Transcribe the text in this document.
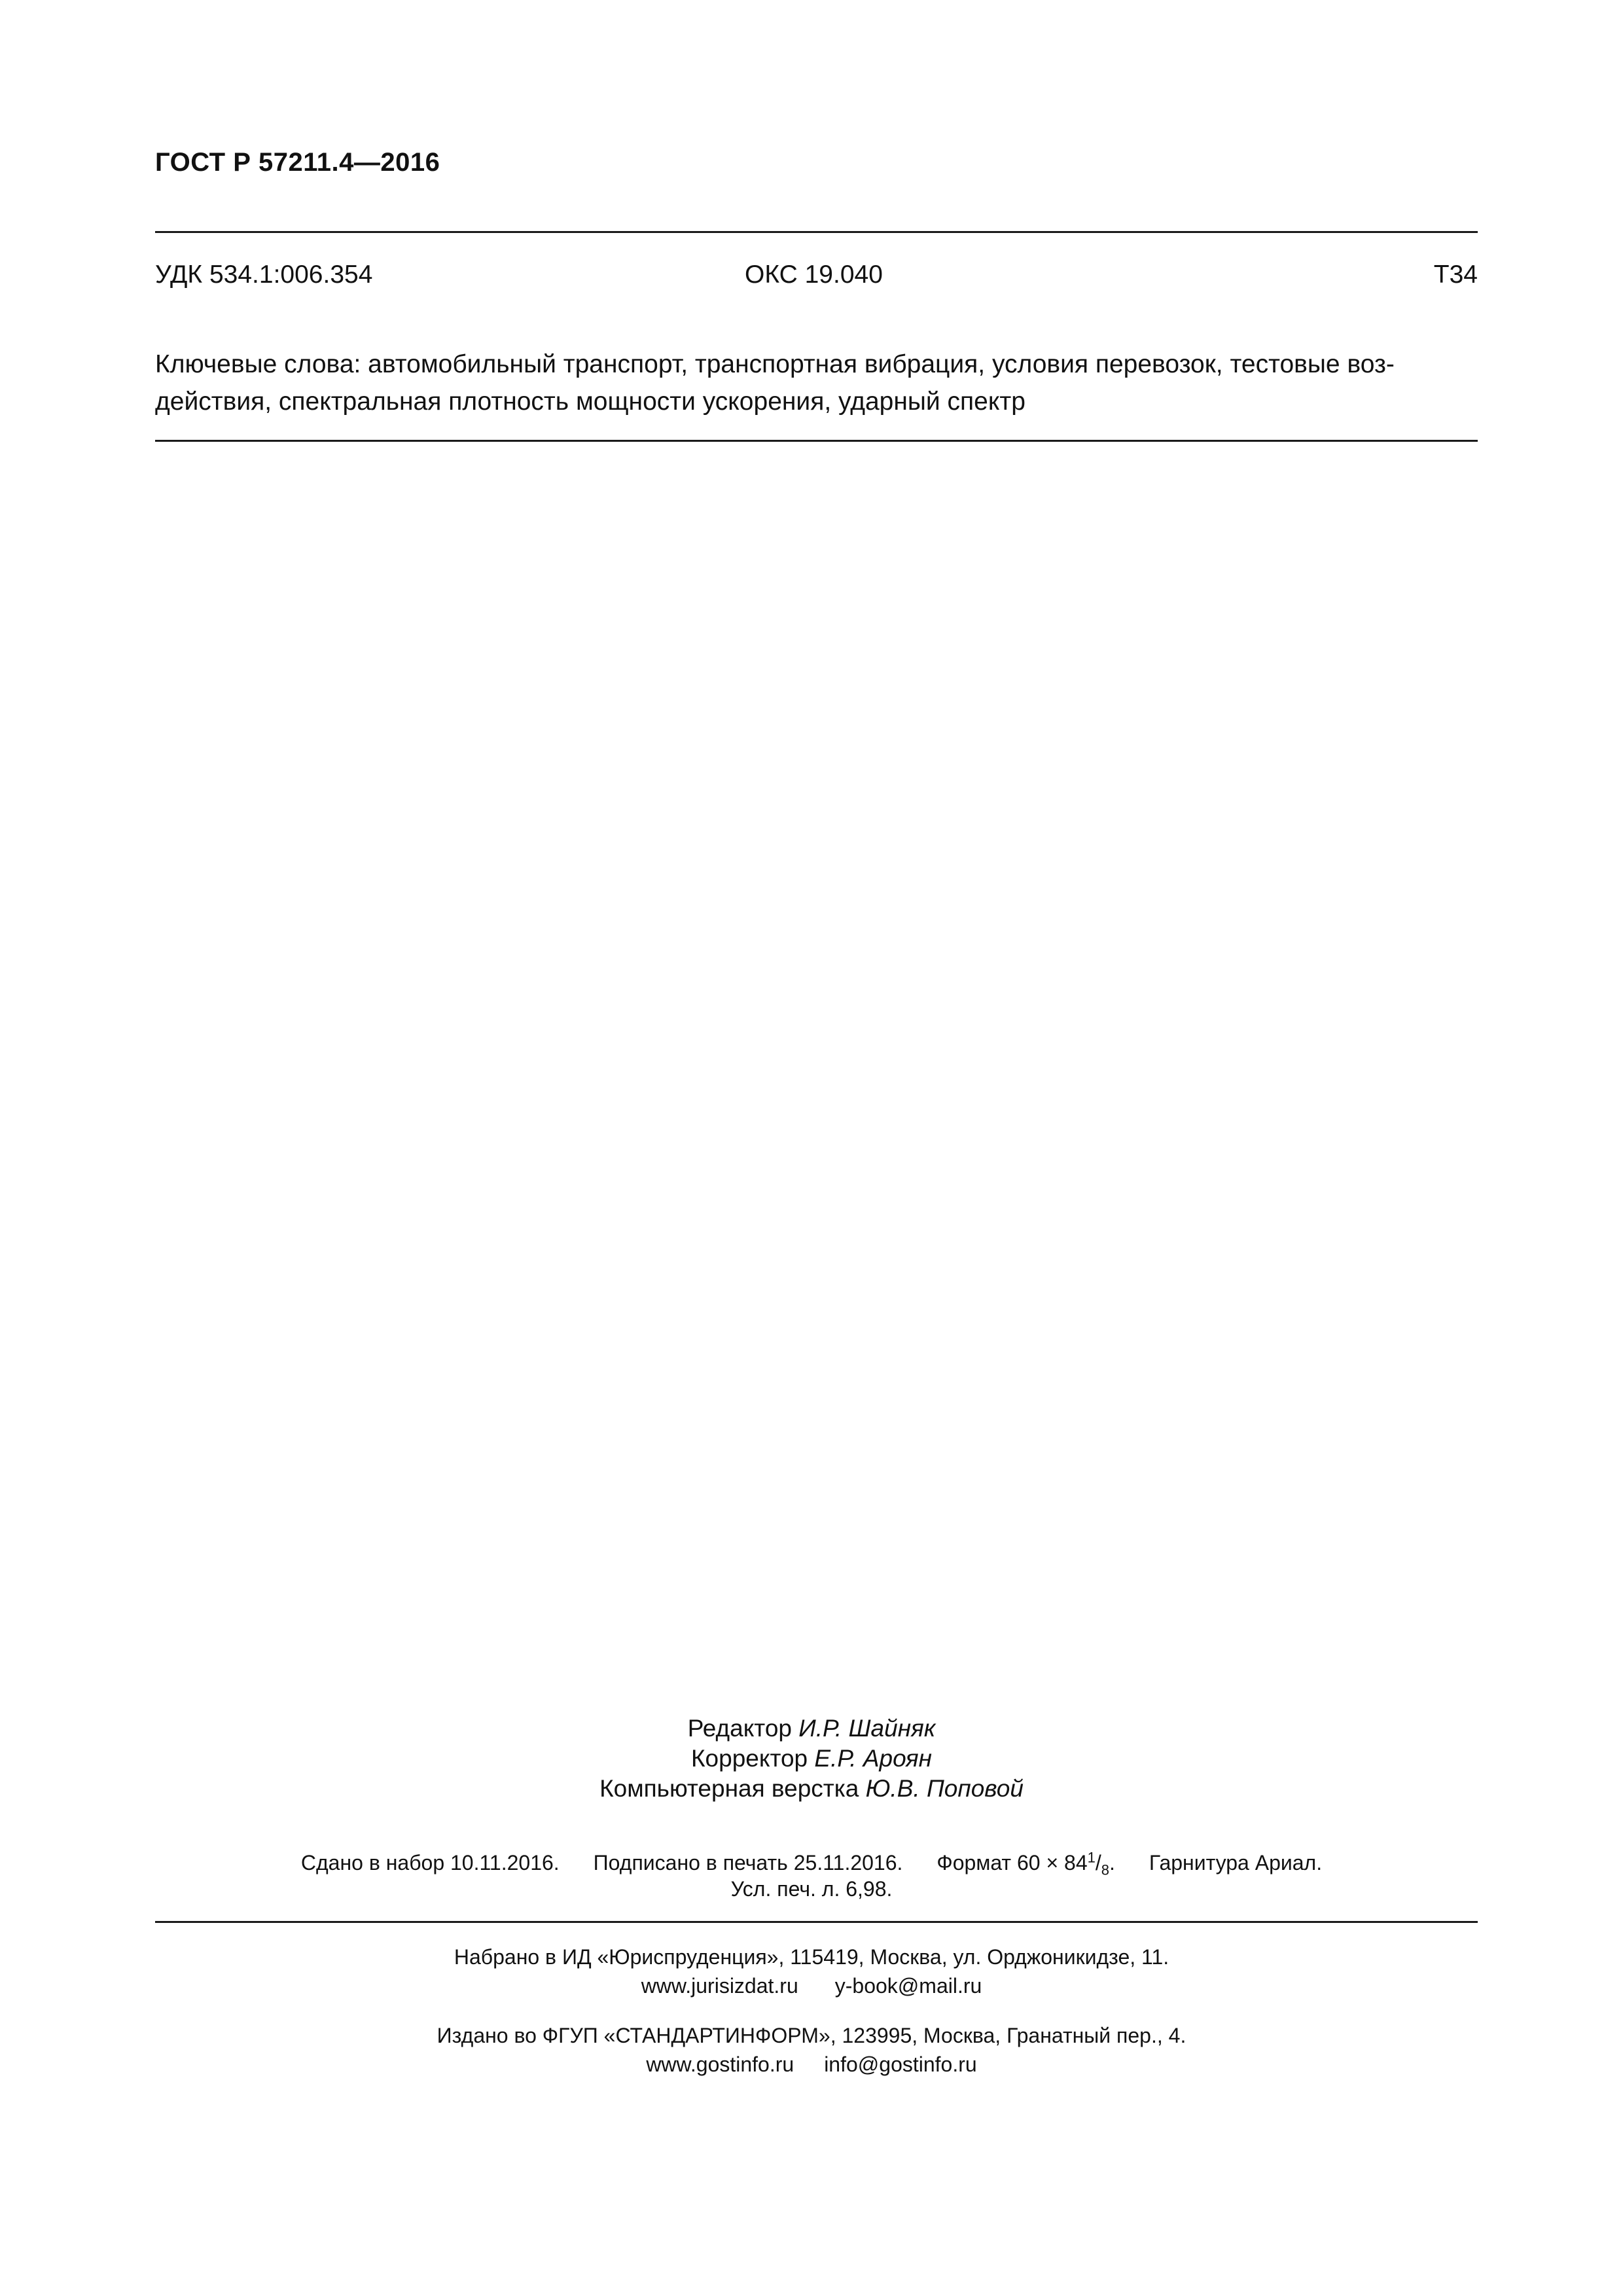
ГОСТ Р 57211.4—2016
УДК 534.1:006.354	ОКС 19.040	Т34
Ключевые слова: автомобильный транспорт, транспортная вибрация, условия перевозок, тестовые воз-
действия, спектральная плотность мощности ускорения, ударный спектр
Редактор И.Р. Шайняк
Корректор Е.Р. Ароян
Компьютерная верстка Ю.В. Поповой
Сдано в набор 10.11.2016. Подписано в печать 25.11.2016. Формат $60 \times 84^1/_8$. Гарнитура Ариал.
Усл. печ. л. 6,98.
Набрано в ИД «Юриспруденция», 115419, Москва, ул. Орджоникидзе, 11.
www.jurisizdat.ru y-book@mail.ru
Издано во ФГУП «СТАНДАРТИНФОРМ», 123995, Москва, Гранатный пер., 4.
www.gostinfo.ru info@gostinfo.ru
